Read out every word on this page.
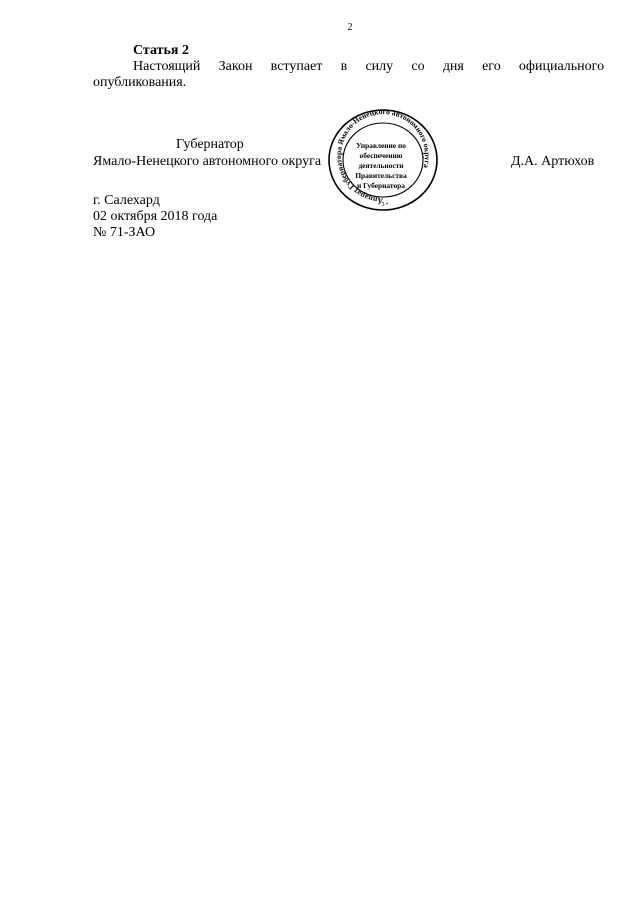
2
Статья 2
Настоящий Закон вступает в силу со дня его официального
опубликования.
Губернатор
Ямало-Ненецкого автономного округа
Аппарат Губернатора Ямало-Ненецкого автономного округа
Управление по
обеспечению
деятельности
Правительства
и Губернатора
• 3 •
Д.А. Артюхов
г. Салехард
02 октября 2018 года
№ 71-ЗАО
